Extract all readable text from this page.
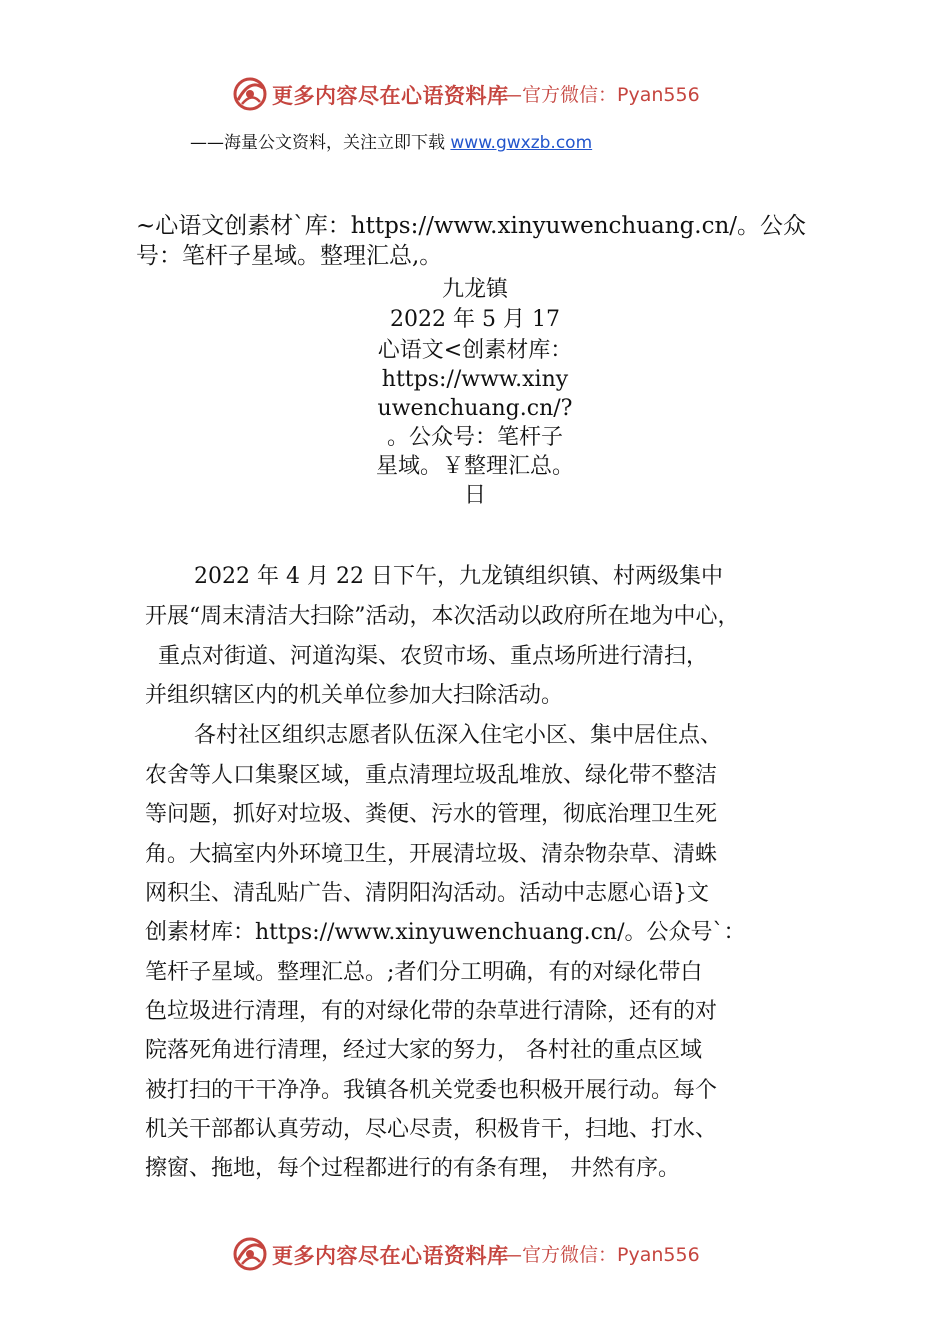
更多内容尽在心语资料库
—官方微信：Pyan556
——海量公文资料，关注立即下载 www.gwxzb.com
~心语文创素材`库：https://www.xinyuwenchuang.cn/。公众
号：笔杆子星域。整理汇总,。
九龙镇
2022 年 5 月 17
心语文<创素材库：
https://www.xiny
uwenchuang.cn/?
。公众号：笔杆子
星域。￥整理汇总。
日
2022 年 4 月 22 日下午，九龙镇组织镇、村两级集中
开展“周末清洁大扫除”活动，本次活动以政府所在地为中心，
重点对街道、河道沟渠、农贸市场、重点场所进行清扫，
并组织辖区内的机关单位参加大扫除活动。
各村社区组织志愿者队伍深入住宅小区、集中居住点、
农舍等人口集聚区域，重点清理垃圾乱堆放、绿化带不整洁
等问题，抓好对垃圾、粪便、污水的管理，彻底治理卫生死
角。大搞室内外环境卫生，开展清垃圾、清杂物杂草、清蛛
网积尘、清乱贴广告、清阴阳沟活动。活动中志愿心语}文
创素材库：https://www.xinyuwenchuang.cn/。公众号`：
笔杆子星域。整理汇总。;者们分工明确，有的对绿化带白
色垃圾进行清理，有的对绿化带的杂草进行清除，还有的对
院落死角进行清理，经过大家的努力， 各村社的重点区域
被打扫的干干净净。我镇各机关党委也积极开展行动。每个
机关干部都认真劳动，尽心尽责，积极肯干，扫地、打水、
擦窗、拖地，每个过程都进行的有条有理， 井然有序。
更多内容尽在心语资料库
—官方微信：Pyan556
